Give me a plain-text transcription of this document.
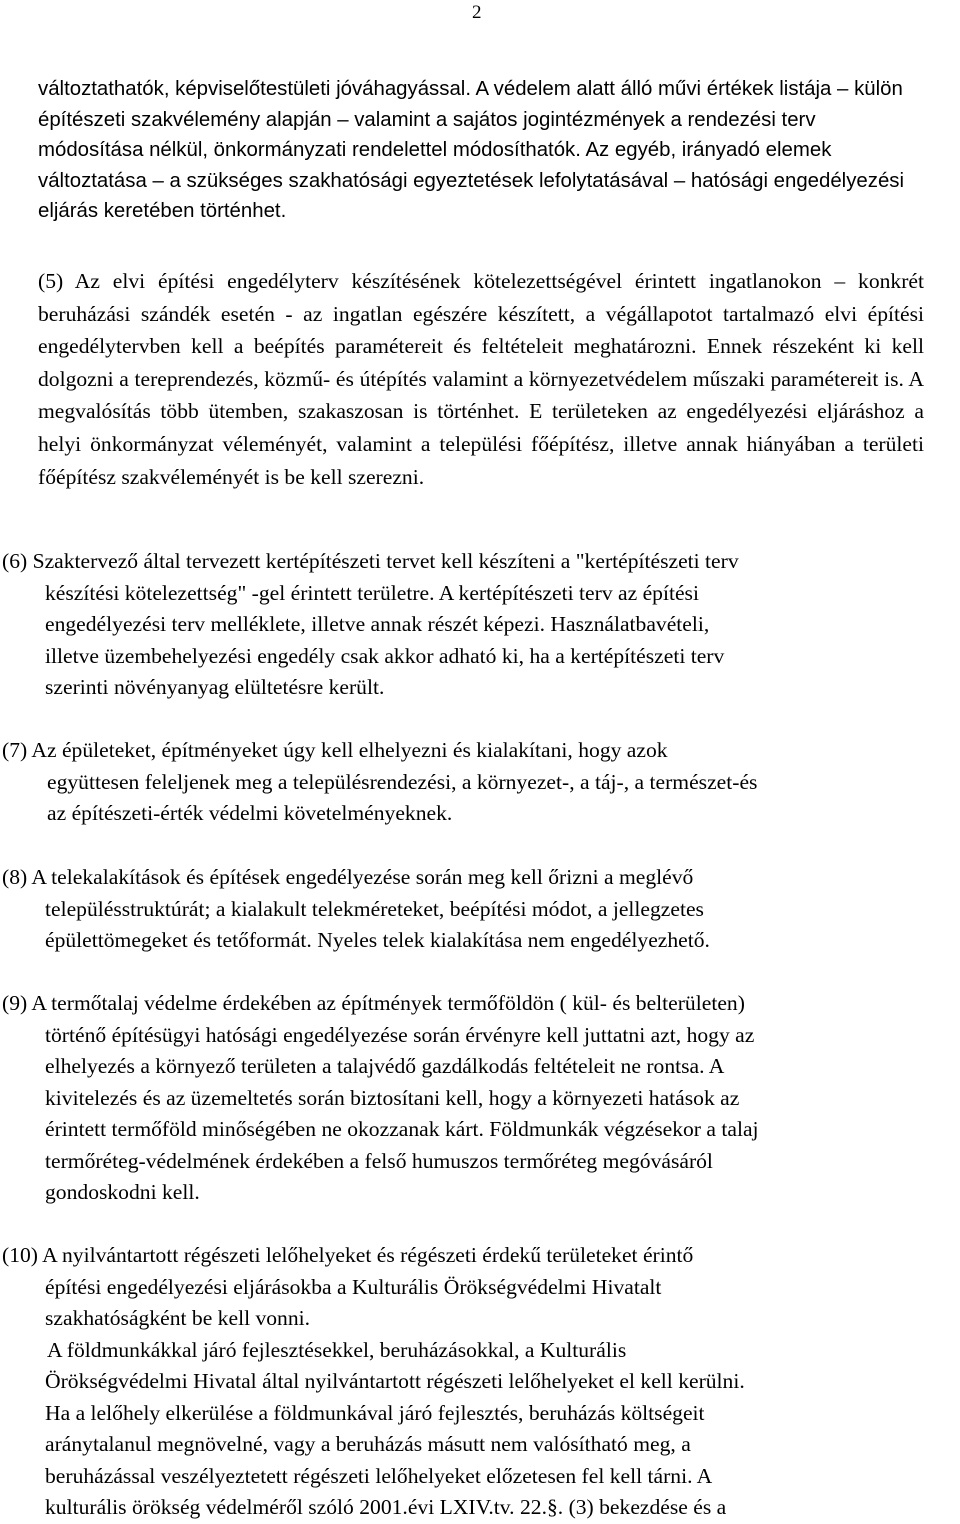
2

változtathatók, képviselőtestületi jóváhagyással. A védelem alatt álló művi értékek listája – külön építészeti szakvélemény alapján – valamint a sajátos jogintézmények a rendezési terv módosítása nélkül, önkormányzati rendelettel módosíthatók. Az egyéb, irányadó elemek változtatása – a szükséges szakhatósági egyeztetések lefolytatásával – hatósági engedélyezési eljárás keretében történhet.

(5) Az elvi építési engedélyterv készítésének kötelezettségével érintett ingatlanokon – konkrét beruházási szándék esetén - az ingatlan egészére készített, a végállapotot tartalmazó elvi építési engedélytervben kell a beépítés paramétereit és feltételeit meghatározni. Ennek részeként ki kell dolgozni a tereprendezés, közmű- és útépítés valamint a környezetvédelem műszaki paramétereit is. A megvalósítás több ütemben, szakaszosan is történhet. E területeken az engedélyezési eljáráshoz a helyi önkormányzat véleményét, valamint a települési főépítész, illetve annak hiányában a területi főépítész szakvéleményét is be kell szerezni.

(6) Szaktervező által tervezett kertépítészeti tervet kell készíteni a "kertépítészeti terv
készítési kötelezettség" -gel érintett területre. A kertépítészeti terv az építési
engedélyezési terv melléklete, illetve annak részét képezi. Használatbavételi,
illetve üzembehelyezési engedély csak akkor adható ki, ha a kertépítészeti terv
szerinti növényanyag elültetésre került.
(7) Az épületeket, építményeket úgy kell elhelyezni és kialakítani, hogy azok
együttesen feleljenek meg a településrendezési, a környezet-, a táj-, a természet-és
az építészeti-érték védelmi követelményeknek.
(8) A telekalakítások és építések engedélyezése során meg kell őrizni a meglévő
településstruktúrát; a kialakult telekméreteket, beépítési módot, a jellegzetes
épülettömegeket és tetőformát. Nyeles telek kialakítása nem engedélyezhető.
(9) A termőtalaj védelme érdekében az építmények termőföldön ( kül- és belterületen)
történő építésügyi hatósági engedélyezése során érvényre kell juttatni azt, hogy az
elhelyezés a környező területen a talajvédő gazdálkodás feltételeit ne rontsa. A
kivitelezés és az üzemeltetés során biztosítani kell, hogy a környezeti hatások az
érintett termőföld minőségében ne okozzanak kárt. Földmunkák végzésekor a talaj
termőréteg-védelmének érdekében a felső humuszos termőréteg megóvásáról
gondoskodni kell.
(10) A nyilvántartott régészeti lelőhelyeket és régészeti érdekű területeket érintő
építési engedélyezési eljárásokba a Kulturális Örökségvédelmi Hivatalt
szakhatóságként be kell vonni.
A földmunkákkal járó fejlesztésekkel, beruházásokkal, a Kulturális
Örökségvédelmi Hivatal által nyilvántartott régészeti lelőhelyeket el kell kerülni.
Ha a lelőhely elkerülése a földmunkával járó fejlesztés, beruházás költségeit
aránytalanul megnövelné, vagy a beruházás másutt nem valósítható meg, a
beruházással veszélyeztetett régészeti lelőhelyeket előzetesen fel kell tárni. A
kulturális örökség védelméről szóló 2001.évi LXIV.tv. 22.§. (3) bekezdése és a
